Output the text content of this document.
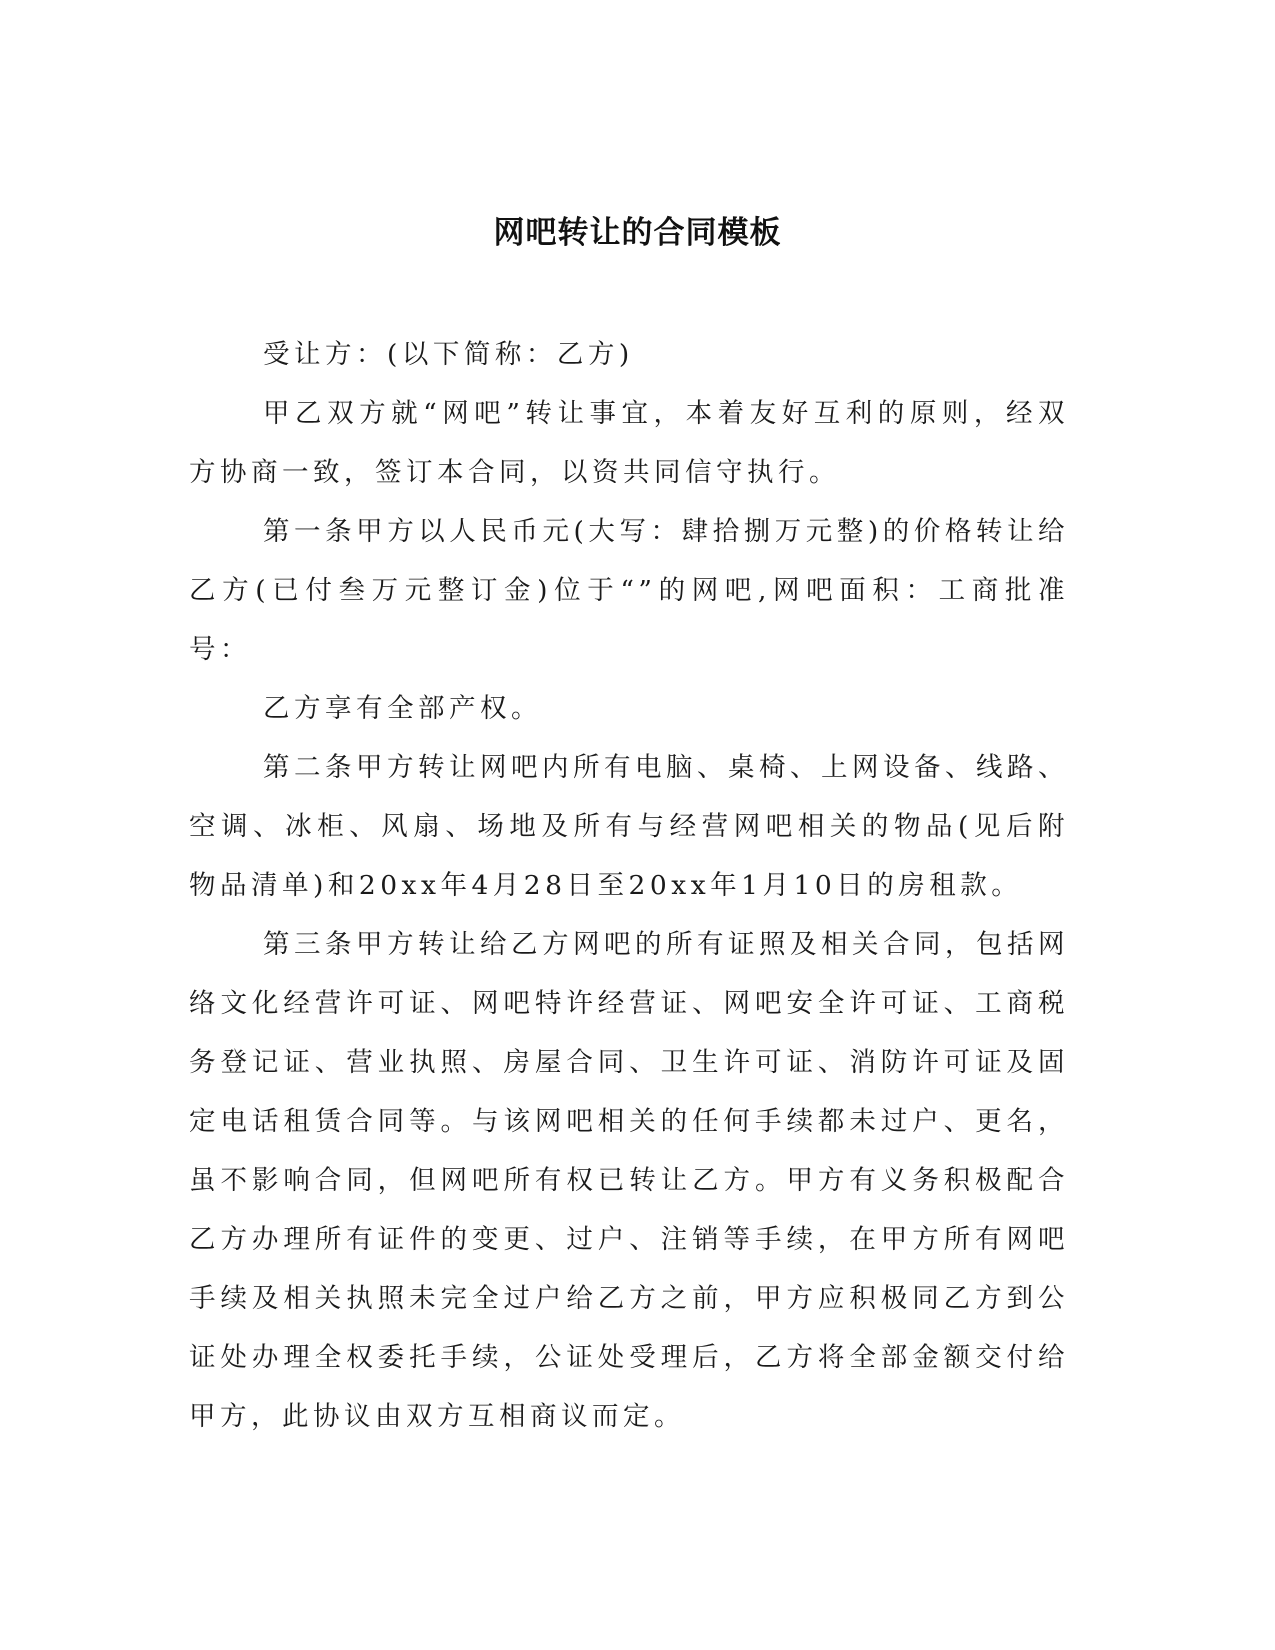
网吧转让的合同模板

受让方：(以下简称：乙方)

甲乙双方就“网吧”转让事宜，本着友好互利的原则，经双方协商一致，签订本合同，以资共同信守执行。

第一条甲方以人民币元(大写：肆拾捌万元整)的价格转让给乙方(已付叁万元整订金)位于“”的网吧,网吧面积：工商批准号：

乙方享有全部产权。

第二条甲方转让网吧内所有电脑、桌椅、上网设备、线路、空调、冰柜、风扇、场地及所有与经营网吧相关的物品(见后附物品清单)和20xx年4月28日至20xx年1月10日的房租款。

第三条甲方转让给乙方网吧的所有证照及相关合同，包括网络文化经营许可证、网吧特许经营证、网吧安全许可证、工商税务登记证、营业执照、房屋合同、卫生许可证、消防许可证及固定电话租赁合同等。与该网吧相关的任何手续都未过户、更名，虽不影响合同，但网吧所有权已转让乙方。甲方有义务积极配合乙方办理所有证件的变更、过户、注销等手续，在甲方所有网吧手续及相关执照未完全过户给乙方之前，甲方应积极同乙方到公证处办理全权委托手续，公证处受理后，乙方将全部金额交付给甲方，此协议由双方互相商议而定。
